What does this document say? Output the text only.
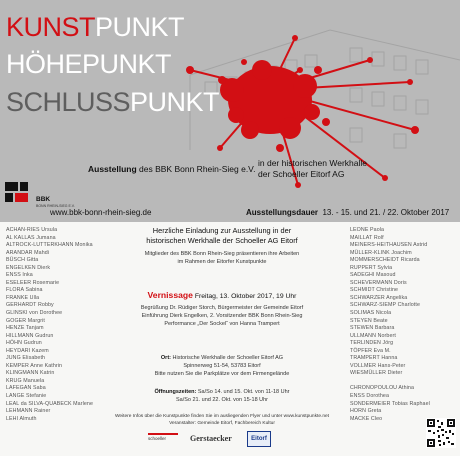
KUNSTPUNKT
HÖHEPUNKT
SCHLUSSPUNKT
Ausstellung des BBK Bonn Rhein-Sieg e.V.
in der historischen Werkhalle
der Schoeller Eitorf AG
BBK
BONN RHEIN-SIEG E.V.
www.bbk-bonn-rhein-sieg.de	Ausstellungsdauer 13. - 15. und 21. / 22. Oktober 2017
ACHAN-RIES Ursula
AL KALLAS Jumana
ALTROCK-LUTTERKHANN Monika
ARANDAR Mahdi
BÜSCH Gitta
ENGELKEN Dierk
ENSS Inka
ESELEER Rosemarie
FLORA Sabina
FRANKE Ulla
GERHARDT Robby
GLINSKI von Dorothee
GOGER Margrit
HENZE Tanjam
HILLMANN Gudrun
HÖHN Gudrun
HEYDARI Kazem
JUNG Elisabeth
KEMPER Anne Kathrin
KLINGMANN Katrin
KRUG Manuela
LAFEGAN Saba
LANGE Stefanie
LEAL da SILVA-QUABECK Marlene
LEHMANN Rainer
LEHI Almuth
LEONE Paola
MAILLAT Rolf
MEINERS-HEITHAUSEN Astrid
MÜLLER-KLINK Joachim
MOMMERSCHEIDT Ricarda
RUPPERT Sylvia
SADEGHI Masoud
SCHEVERMANN Doris
SCHMIDT Christine
SCHWARZER Angelika
SCHWARZ-SIEMP Charlotte
SOLIMAS Nicola
STEYEN Beate
STEWEN Barbara
ULLMANN Norbert
TERLINDEN Jörg
TÖPFER Eva M.
TRAMPERT Hanna
VOLLMER Hans-Peter
WIESMÜLLER Dieter
CHRONOPOULOU Athina
ENSS Dorothea
SONDERMEIER Tobias Raphael
HORN Greta
MACKE Cleo
Herzliche Einladung zur Ausstellung in der
historischen Werkhalle der Schoeller AG Eitorf
Mitglieder des BBK Bonn Rhein-Sieg präsentieren ihre Arbeiten
im Rahmen der Eitorfer Kunstpunkte
Vernissage Freitag, 13. Oktober 2017, 19 Uhr
Begrüßung Dr. Rüdiger Storch, Bürgermeister der Gemeinde Eitorf
Einführung Dierk Engelken, 2. Vorsitzender BBK Bonn Rhein-Sieg
Performance „Der Sockel“ von Hanna Trampert
Ort: Historische Werkhalle der Schoeller Eitorf AG
Spinnerweg 51-54, 53783 Eitorf
Bitte nutzen Sie die Parkplätze vor dem Firmengelände
Öffnungszeiten: Sa/So 14. und 15. Okt. von 11-18 Uhr
Sa/So 21. und 22. Okt. von 15-18 Uhr
Weitere Infos über die Kunstpunkte finden Sie im ausliegenden Flyer und unter www.kunstpunkte.net
Veranstalter: Gemeinde Eitorf, Fachbereich Kultur
schoeller	Gerstaecker	Eitorf
